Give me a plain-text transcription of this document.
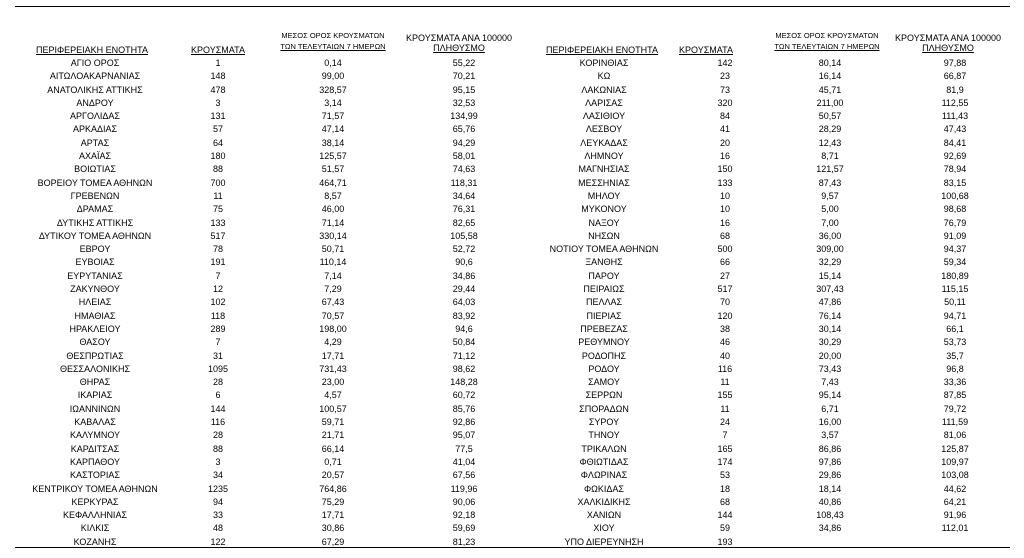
ΠΕΡΙΦΕΡΕΙΑΚΗ ΕΝΟΤΗΤΑ	ΚΡΟΥΣΜΑΤΑ
ΜΕΣΟΣ ΟΡΟΣ ΚΡΟΥΣΜΑΤΩΝ
ΤΩΝ ΤΕΛΕΥΤΑΙΩΝ 7 ΗΜΕΡΩΝ
ΚΡΟΥΣΜΑΤΑ ΑΝΑ 100000
ΠΛΗΘΥΣΜΟ	ΠΕΡΙΦΕΡΕΙΑΚΗ ΕΝΟΤΗΤΑ	ΚΡΟΥΣΜΑΤΑ
ΜΕΣΟΣ ΟΡΟΣ ΚΡΟΥΣΜΑΤΩΝ
ΤΩΝ ΤΕΛΕΥΤΑΙΩΝ 7 ΗΜΕΡΩΝ
ΚΡΟΥΣΜΑΤΑ ΑΝΑ 100000
ΠΛΗΘΥΣΜΟ
ΑΓΙΟ ΟΡΟΣ	1	0,14	55,22
ΑΙΤΩΛΟΑΚΑΡΝΑΝΙΑΣ	148	99,00	70,21
ΑΝΑΤΟΛΙΚΗΣ ΑΤΤΙΚΗΣ	478	328,57	95,15
ΑΝΔΡΟΥ	3	3,14	32,53
ΑΡΓΟΛΙΔΑΣ	131	71,57	134,99
ΑΡΚΑΔΙΑΣ	57	47,14	65,76
ΑΡΤΑΣ	64	38,14	94,29
ΑΧΑΪΑΣ	180	125,57	58,01
ΒΟΙΩΤΙΑΣ	88	51,57	74,63
ΒΟΡΕΙΟΥ ΤΟΜΕΑ ΑΘΗΝΩΝ	700	464,71	118,31
ΓΡΕΒΕΝΩΝ	11	8,57	34,64
ΔΡΑΜΑΣ	75	46,00	76,31
ΔΥΤΙΚΗΣ ΑΤΤΙΚΗΣ	133	71,14	82,65
ΔΥΤΙΚΟΥ ΤΟΜΕΑ ΑΘΗΝΩΝ	517	330,14	105,58
ΕΒΡΟΥ	78	50,71	52,72
ΕΥΒΟΙΑΣ	191	110,14	90,6
ΕΥΡΥΤΑΝΙΑΣ	7	7,14	34,86
ΖΑΚΥΝΘΟΥ	12	7,29	29,44
ΗΛΕΙΑΣ	102	67,43	64,03
ΗΜΑΘΙΑΣ	118	70,57	83,92
ΗΡΑΚΛΕΙΟΥ	289	198,00	94,6
ΘΑΣΟΥ	7	4,29	50,84
ΘΕΣΠΡΩΤΙΑΣ	31	17,71	71,12
ΘΕΣΣΑΛΟΝΙΚΗΣ	1095	731,43	98,62
ΘΗΡΑΣ	28	23,00	148,28
ΙΚΑΡΙΑΣ	6	4,57	60,72
ΙΩΑΝΝΙΝΩΝ	144	100,57	85,76
ΚΑΒΑΛΑΣ	116	59,71	92,86
ΚΑΛΥΜΝΟΥ	28	21,71	95,07
ΚΑΡΔΙΤΣΑΣ	88	66,14	77,5
ΚΑΡΠΑΘΟΥ	3	0,71	41,04
ΚΑΣΤΟΡΙΑΣ	34	20,57	67,56
ΚΕΝΤΡΙΚΟΥ ΤΟΜΕΑ ΑΘΗΝΩΝ	1235	764,86	119,96
ΚΕΡΚΥΡΑΣ	94	75,29	90,06
ΚΕΦΑΛΛΗΝΙΑΣ	33	17,71	92,18
ΚΙΛΚΙΣ	48	30,86	59,69
ΚΟΖΑΝΗΣ	122	67,29	81,23
ΚΟΡΙΝΘΙΑΣ	142	80,14	97,88
ΚΩ	23	16,14	66,87
ΛΑΚΩΝΙΑΣ	73	45,71	81,9
ΛΑΡΙΣΑΣ	320	211,00	112,55
ΛΑΣΙΘΙΟΥ	84	50,57	111,43
ΛΕΣΒΟΥ	41	28,29	47,43
ΛΕΥΚΑΔΑΣ	20	12,43	84,41
ΛΗΜΝΟΥ	16	8,71	92,69
ΜΑΓΝΗΣΙΑΣ	150	121,57	78,94
ΜΕΣΣΗΝΙΑΣ	133	87,43	83,15
ΜΗΛΟΥ	10	9,57	100,68
ΜΥΚΟΝΟΥ	10	5,00	98,68
ΝΑΞΟΥ	16	7,00	76,79
ΝΗΣΩΝ	68	36,00	91,09
ΝΟΤΙΟΥ ΤΟΜΕΑ ΑΘΗΝΩΝ	500	309,00	94,37
ΞΑΝΘΗΣ	66	32,29	59,34
ΠΑΡΟΥ	27	15,14	180,89
ΠΕΙΡΑΙΩΣ	517	307,43	115,15
ΠΕΛΛΑΣ	70	47,86	50,11
ΠΙΕΡΙΑΣ	120	76,14	94,71
ΠΡΕΒΕΖΑΣ	38	30,14	66,1
ΡΕΘΥΜΝΟΥ	46	30,29	53,73
ΡΟΔΟΠΗΣ	40	20,00	35,7
ΡΟΔΟΥ	116	73,43	96,8
ΣΑΜΟΥ	11	7,43	33,36
ΣΕΡΡΩΝ	155	95,14	87,85
ΣΠΟΡΑΔΩΝ	11	6,71	79,72
ΣΥΡΟΥ	24	16,00	111,59
ΤΗΝΟΥ	7	3,57	81,06
ΤΡΙΚΑΛΩΝ	165	86,86	125,87
ΦΘΙΩΤΙΔΑΣ	174	97,86	109,97
ΦΛΩΡΙΝΑΣ	53	29,86	103,08
ΦΩΚΙΔΑΣ	18	18,14	44,62
ΧΑΛΚΙΔΙΚΗΣ	68	40,86	64,21
ΧΑΝΙΩΝ	144	108,43	91,96
ΧΙΟΥ	59	34,86	112,01
ΥΠΟ ΔΙΕΡΕΥΝΗΣΗ	193		
